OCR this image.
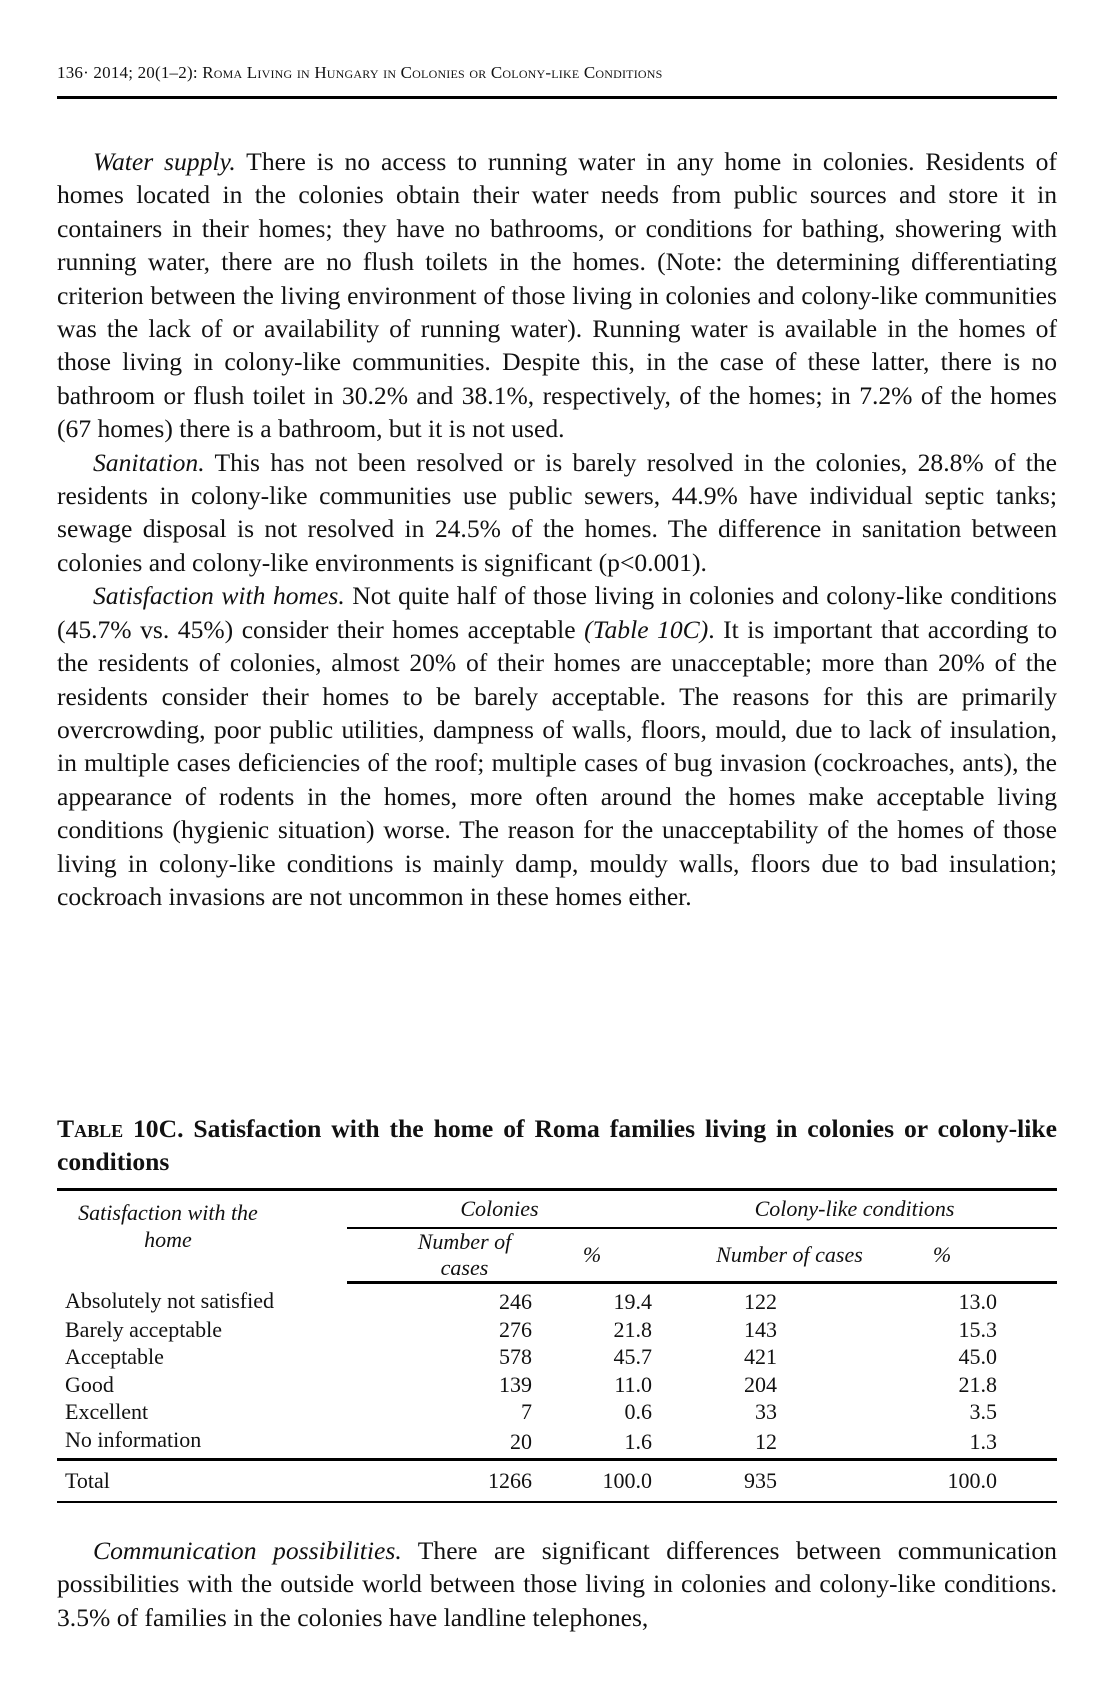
136· 2014; 20(1–2): Roma Living in Hungary in Colonies or Colony-like Conditions

Water supply. There is no access to running water in any home in colonies. Residents of homes located in the colonies obtain their water needs from public sources and store it in containers in their homes; they have no bathrooms, or conditions for bathing, showering with running water, there are no flush toilets in the homes. (Note: the determining differentiating criterion between the living environment of those living in colonies and colony-like communities was the lack of or availability of running water). Running water is available in the homes of those living in colony-like communities. Despite this, in the case of these latter, there is no bathroom or flush toilet in 30.2% and 38.1%, respectively, of the homes; in 7.2% of the homes (67 homes) there is a bathroom, but it is not used.

Sanitation. This has not been resolved or is barely resolved in the colonies, 28.8% of the residents in colony-like communities use public sewers, 44.9% have individual septic tanks; sewage disposal is not resolved in 24.5% of the homes. The difference in sanitation between colonies and colony-like environments is significant (p<0.001).

Satisfaction with homes. Not quite half of those living in colonies and colony-like conditions (45.7% vs. 45%) consider their homes acceptable (Table 10C). It is important that according to the residents of colonies, almost 20% of their homes are unacceptable; more than 20% of the residents consider their homes to be barely acceptable. The reasons for this are primarily overcrowding, poor public utilities, dampness of walls, floors, mould, due to lack of insulation, in multiple cases deficiencies of the roof; multiple cases of bug invasion (cockroaches, ants), the appearance of rodents in the homes, more often around the homes make acceptable living conditions (hygienic situation) worse. The reason for the unacceptability of the homes of those living in colony-like conditions is mainly damp, mouldy walls, floors due to bad insulation; cockroach invasions are not uncommon in these homes either.

Table 10C. Satisfaction with the home of Roma families living in colonies or colony-like conditions
Satisfaction with the home	Colonies		Colony-like conditions	
	Number of cases	%	Number of cases	%
Absolutely not satisfied	246	19.4	122	13.0
Barely acceptable	276	21.8	143	15.3
Acceptable	578	45.7	421	45.0
Good	139	11.0	204	21.8
Excellent	7	0.6	33	3.5
No information	20	1.6	12	1.3
Total	1266	100.0	935	100.0

Communication possibilities. There are significant differences between communication possibilities with the outside world between those living in colonies and colony-like conditions. 3.5% of families in the colonies have landline telephones,
